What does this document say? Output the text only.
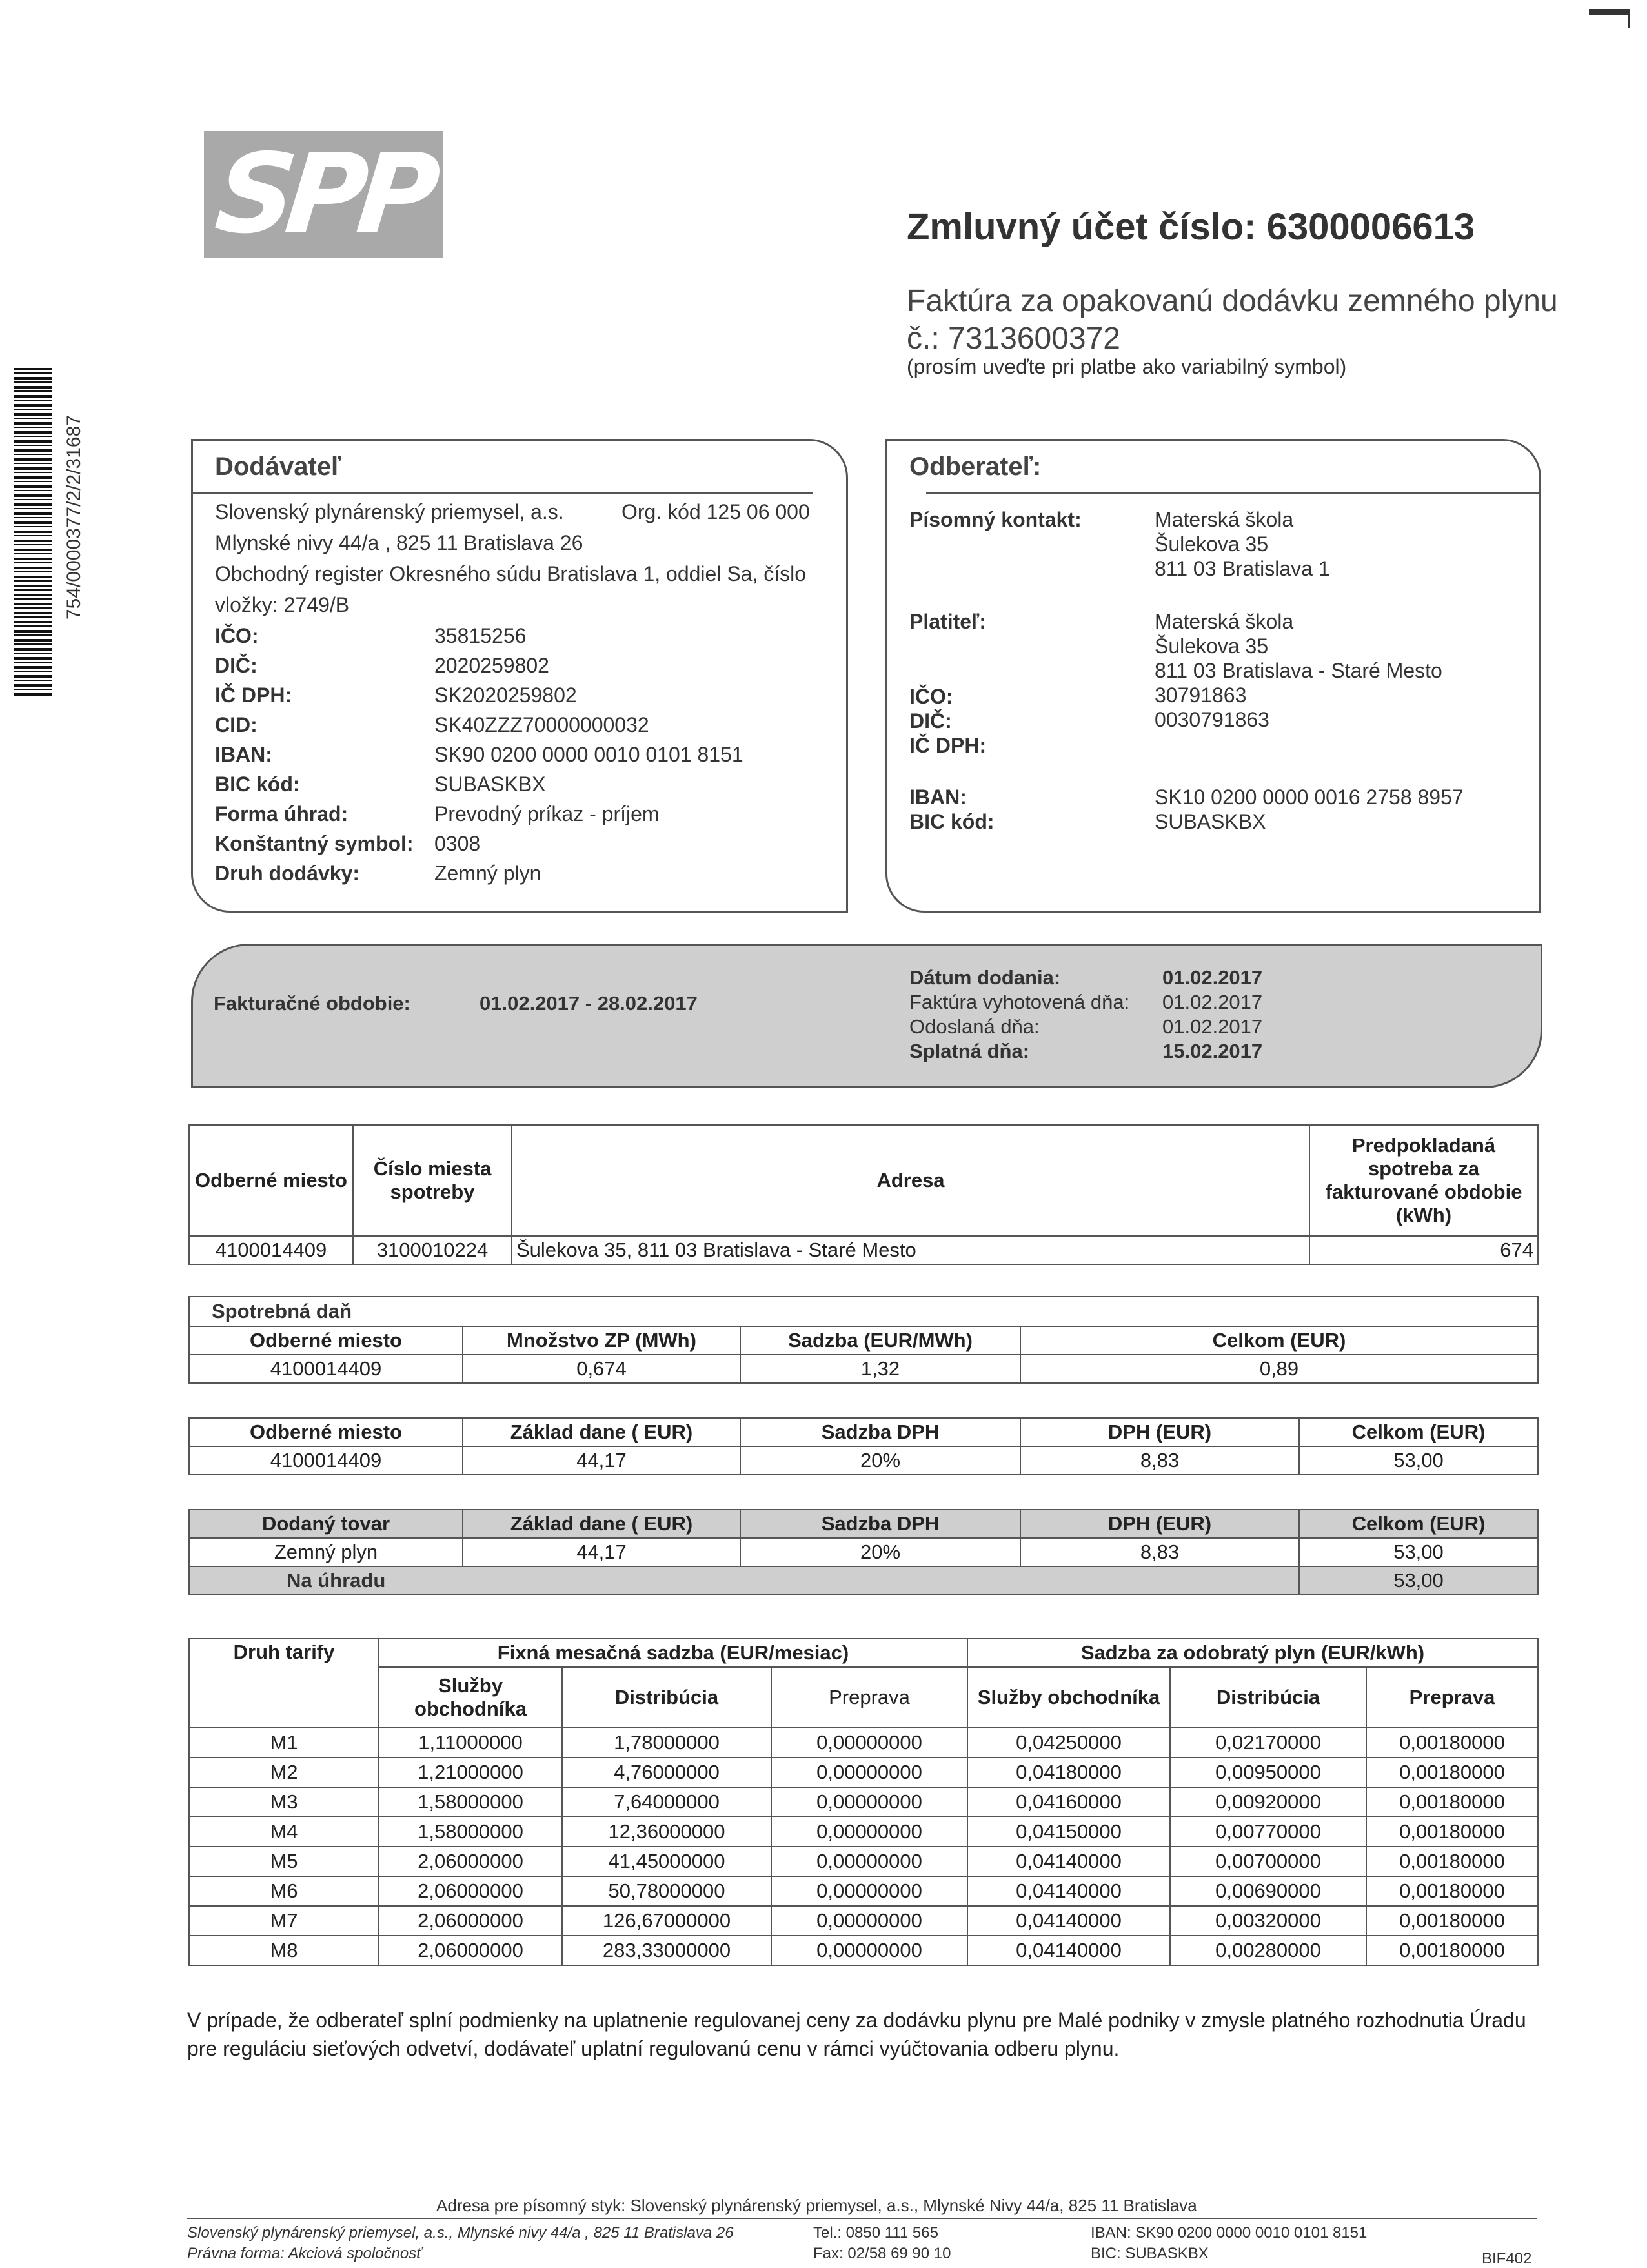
754/0000377/2/2/31687
SPP	Zmluvný účet číslo: 6300006613
Faktúra za opakovanú dodávku zemného plynu
č.: 7313600372
(prosím uveďte pri platbe ako variabilný symbol)
Dodávateľ
Slovenský plynárenský priemysel, a.s.	Org. kód 125 06 000
Mlynské nivy 44/a , 825 11 Bratislava 26
Obchodný register Okresného súdu Bratislava 1, oddiel Sa, číslo
vložky: 2749/B
IČO:	35815256
DIČ:	2020259802
IČ DPH:	SK2020259802
CID:	SK40ZZZ70000000032
IBAN:	SK90 0200 0000 0010 0101 8151
BIC kód:	SUBASKBX
Forma úhrad:	Prevodný príkaz - príjem
Konštantný symbol: 0308
Druh dodávky:	Zemný plyn
Odberateľ:
Písomný kontakt:	Materská škola
Šulekova 35
811 03 Bratislava 1
Platiteľ:	Materská škola
Šulekova 35
811 03 Bratislava - Staré Mesto
IČO:	30791863
DIČ:	0030791863
IČ DPH:
IBAN:	SK10 0200 0000 0016 2758 8957
BIC kód:	SUBASKBX
Fakturačné obdobie:	01.02.2017 - 28.02.2017
Dátum dodania:	01.02.2017
Faktúra vyhotovená dňa: 01.02.2017
Odoslaná dňa:	01.02.2017
Splatná dňa:	15.02.2017
Odberné miesto	Číslo miesta spotreby	Adresa	Predpokladaná spotreba za fakturované obdobie (kWh)
4100014409	3100010224	Šulekova 35, 811 03 Bratislava - Staré Mesto	674
Spotrebná daň			
Odberné miesto	Množstvo ZP (MWh)	Sadzba (EUR/MWh)	Celkom (EUR)
4100014409	0,674	1,32	0,89
Odberné miesto	Základ dane ( EUR)	Sadzba DPH	DPH (EUR)	Celkom (EUR)
4100014409	44,17	20%	8,83	53,00
Dodaný tovar	Základ dane ( EUR)	Sadzba DPH	DPH (EUR)	Celkom (EUR)
Zemný plyn	44,17	20%	8,83	53,00
Na úhradu				53,00
Druh tarify	Fixná mesačná sadzba (EUR/mesiac)			Sadzba za odobratý plyn (EUR/kWh)		
	Služby obchodníka	Distribúcia	Preprava	Služby obchodníka	Distribúcia	Preprava
M1	1,11000000	1,78000000	0,00000000	0,04250000	0,02170000	0,00180000
M2	1,21000000	4,76000000	0,00000000	0,04180000	0,00950000	0,00180000
M3	1,58000000	7,64000000	0,00000000	0,04160000	0,00920000	0,00180000
M4	1,58000000	12,36000000	0,00000000	0,04150000	0,00770000	0,00180000
M5	2,06000000	41,45000000	0,00000000	0,04140000	0,00700000	0,00180000
M6	2,06000000	50,78000000	0,00000000	0,04140000	0,00690000	0,00180000
M7	2,06000000	126,67000000	0,00000000	0,04140000	0,00320000	0,00180000
M8	2,06000000	283,33000000	0,00000000	0,04140000	0,00280000	0,00180000
V prípade, že odberateľ splní podmienky na uplatnenie regulovanej ceny za dodávku plynu pre Malé podniky v zmysle platného rozhodnutia Úradu pre reguláciu sieťových odvetví, dodávateľ uplatní regulovanú cenu v rámci vyúčtovania odberu plynu.
Adresa pre písomný styk: Slovenský plynárenský priemysel, a.s., Mlynské Nivy 44/a, 825 11 Bratislava
Slovenský plynárenský priemysel, a.s., Mlynské nivy 44/a , 825 11 Bratislava 26
Právna forma: Akciová spoločnosť
Tel.: 0850 111 565
Fax: 02/58 69 90 10
IBAN: SK90 0200 0000 0010 0101 8151
BIC: SUBASKBX	BIF402
